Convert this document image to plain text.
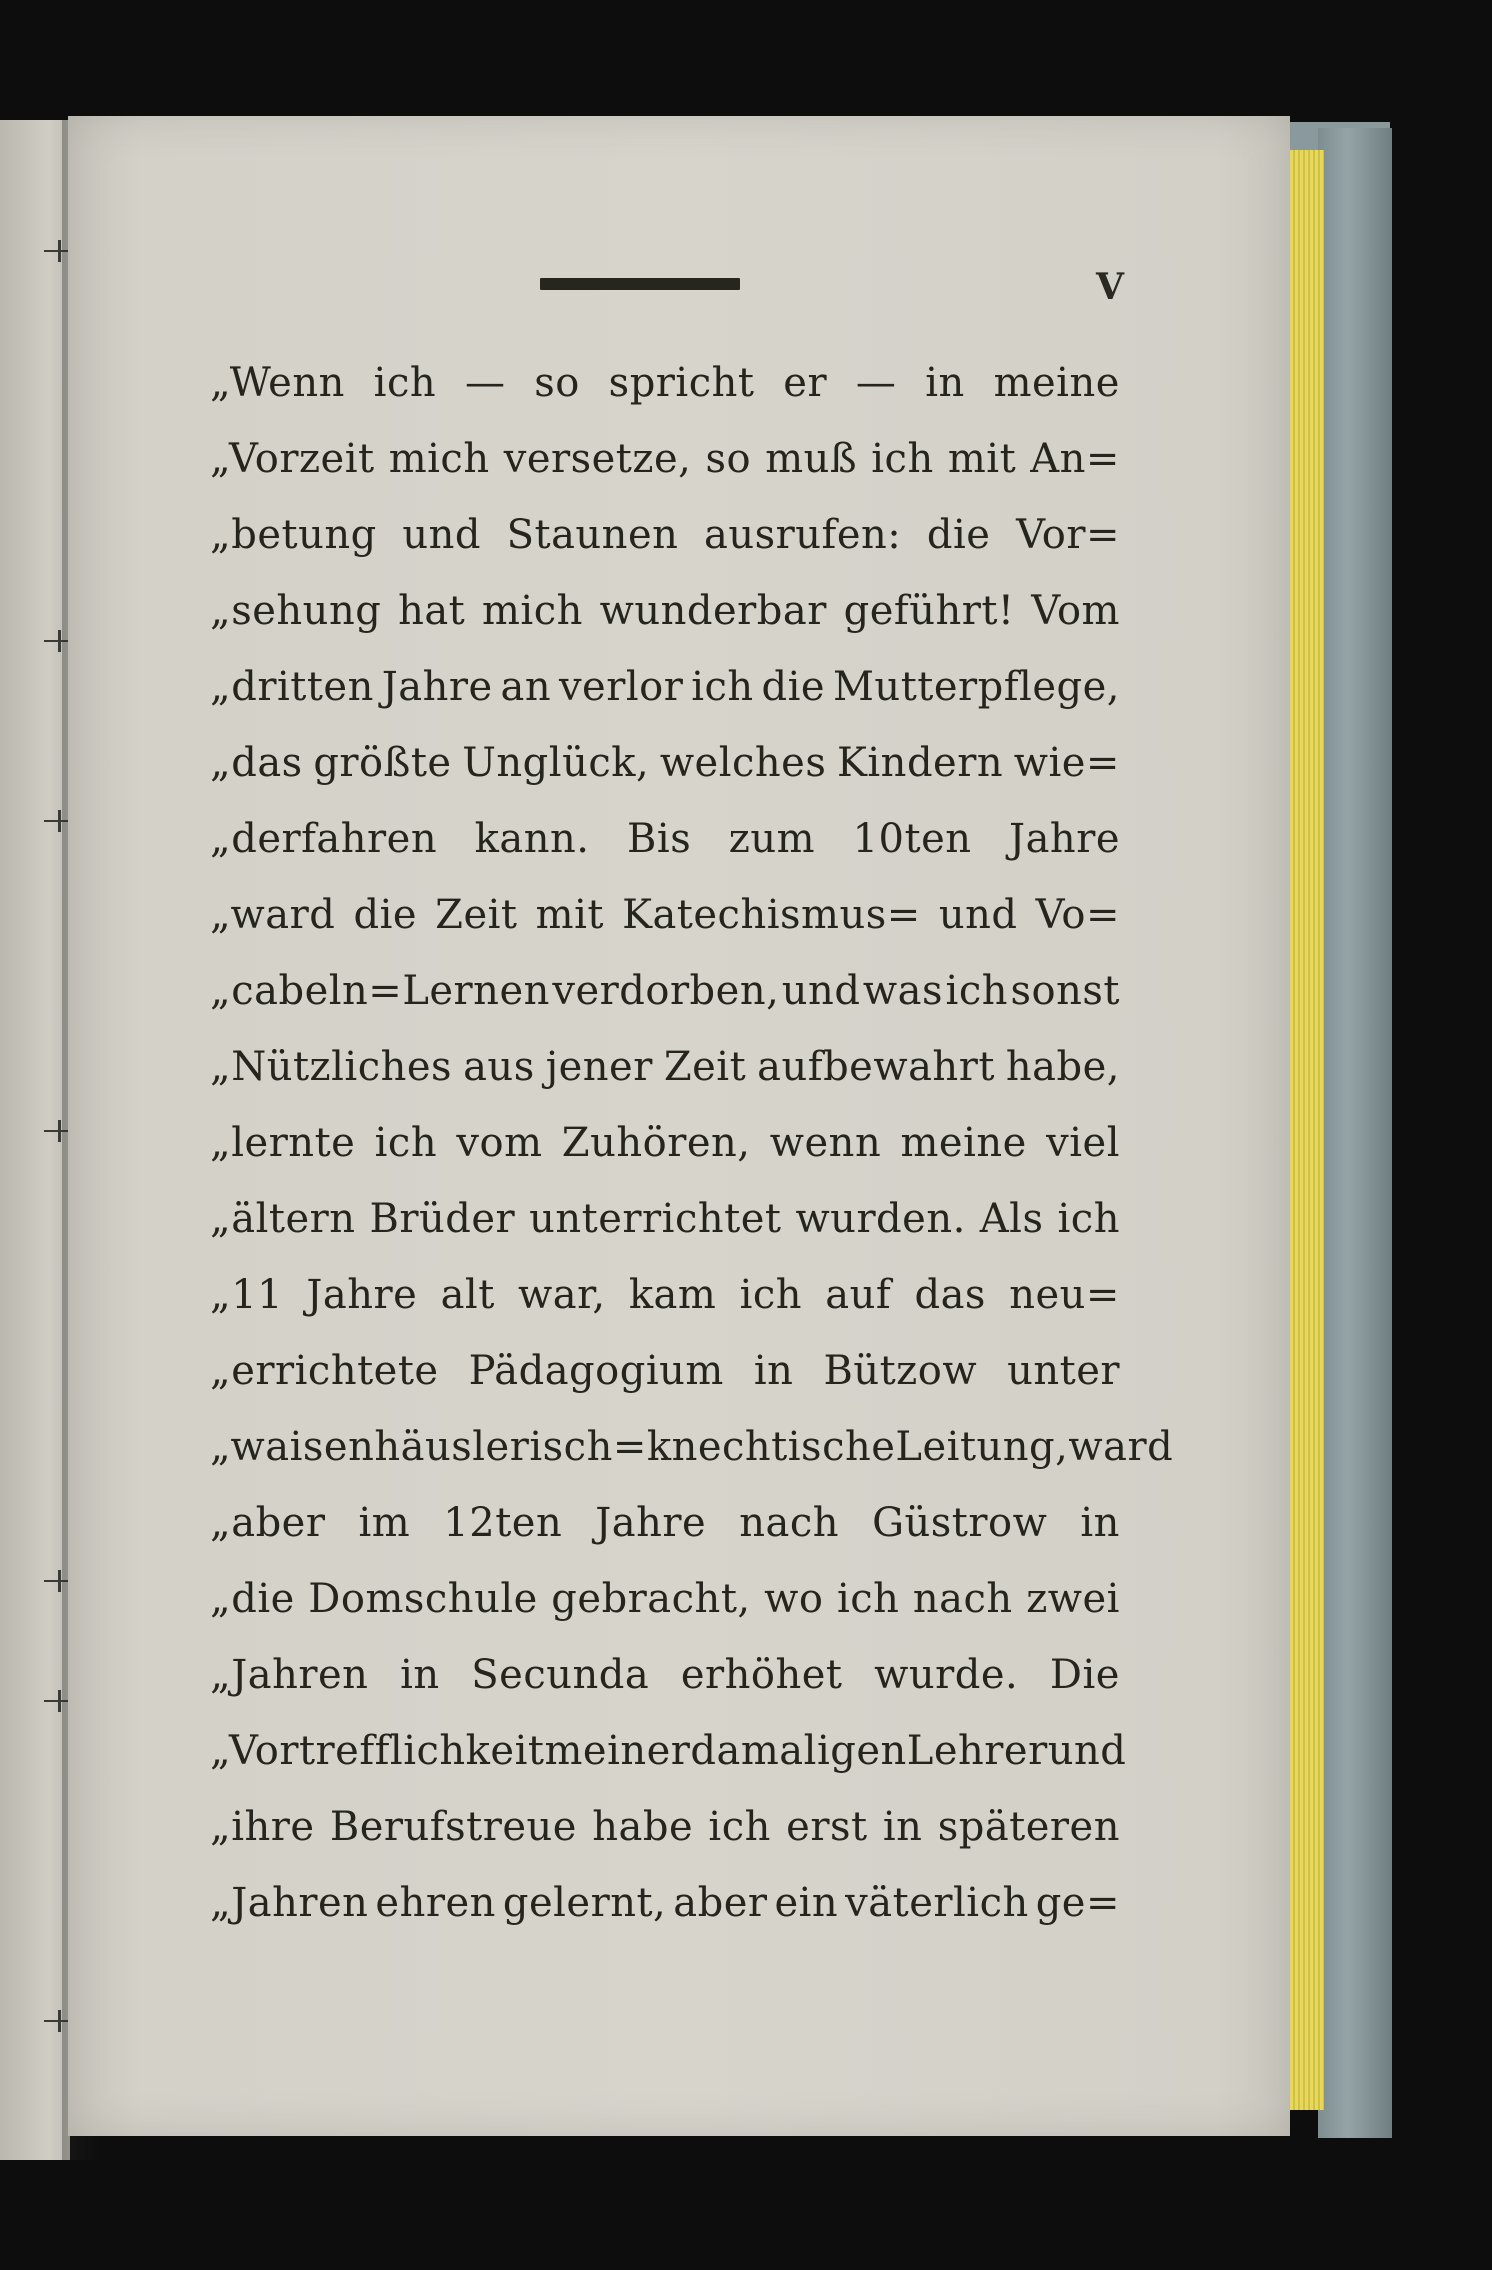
V
„Wenn ich — so spricht er — in meine
„Vorzeit mich versetze, so muß ich mit An=
„betung und Staunen ausrufen: die Vor=
„sehung hat mich wunderbar geführt! Vom
„dritten Jahre an verlor ich die Mutterpflege,
„das größte Unglück, welches Kindern wie=
„derfahren kann. Bis zum 10ten Jahre
„ward die Zeit mit Katechismus= und Vo=
„cabeln=Lernen verdorben, und was ich sonst
„Nützliches aus jener Zeit aufbewahrt habe,
„lernte ich vom Zuhören, wenn meine viel
„ältern Brüder unterrichtet wurden. Als ich
„11 Jahre alt war, kam ich auf das neu=
„errichtete Pädagogium in Bützow unter
„waisenhäuslerisch=knechtische Leitung, ward
„aber im 12ten Jahre nach Güstrow in
„die Domschule gebracht, wo ich nach zwei
„Jahren in Secunda erhöhet wurde. Die
„Vortrefflichkeit meiner damaligen Lehrer und
„ihre Berufstreue habe ich erst in späteren
„Jahren ehren gelernt, aber ein väterlich ge=
